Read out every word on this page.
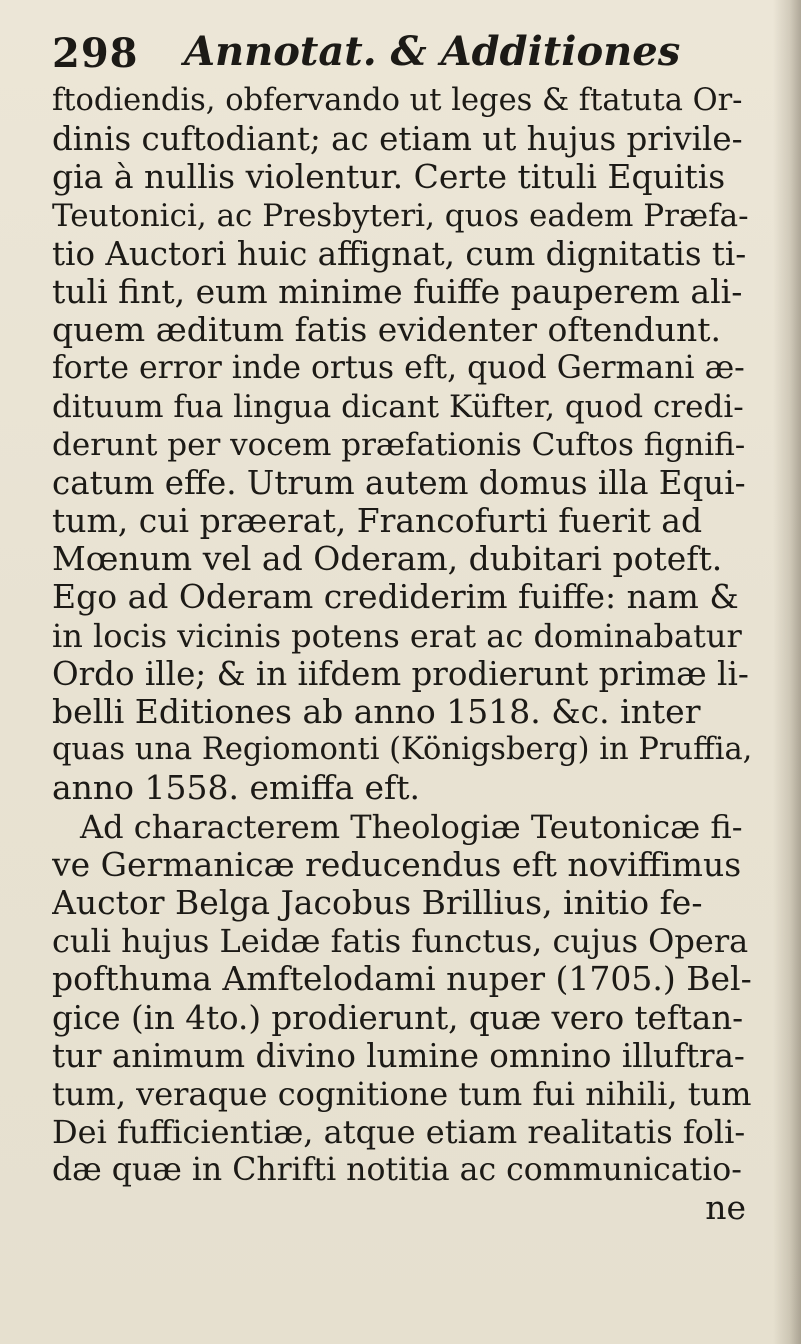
298 Annotat. & Additiones
ftodiendis, obfervando ut leges & ftatuta Or-
dinis cuftodiant; ac etiam ut hujus privile-
gia à nullis violentur. Certe tituli Equitis
Teutonici, ac Presbyteri, quos eadem Præfa-
tio Auctori huic affignat, cum dignitatis ti-
tuli fint, eum minime fuiffe pauperem ali-
quem æditum fatis evidenter oftendunt.
forte error inde ortus eft, quod Germani æ-
dituum fua lingua dicant Küfter, quod credi-
derunt per vocem præfationis Cuftos fignifi-
catum effe. Utrum autem domus illa Equi-
tum, cui præerat, Francofurti fuerit ad
Mœnum vel ad Oderam, dubitari poteft.
Ego ad Oderam crediderim fuiffe: nam &
in locis vicinis potens erat ac dominabatur
Ordo ille; & in iifdem prodierunt primæ li-
belli Editiones ab anno 1518. &c. inter
quas una Regiomonti (Königsberg) in Pruffia,
anno 1558. emiffa eft.
Ad characterem Theologiæ Teutonicæ fi-
ve Germanicæ reducendus eft noviffimus
Auctor Belga Jacobus Brillius, initio fe-
culi hujus Leidæ fatis functus, cujus Opera
pofthuma Amftelodami nuper (1705.) Bel-
gice (in 4to.) prodierunt, quæ vero teftan-
tur animum divino lumine omnino illuftra-
tum, veraque cognitione tum fui nihili, tum
Dei fufficientiæ, atque etiam realitatis foli-
dæ quæ in Chrifti notitia ac communicatio-
ne
